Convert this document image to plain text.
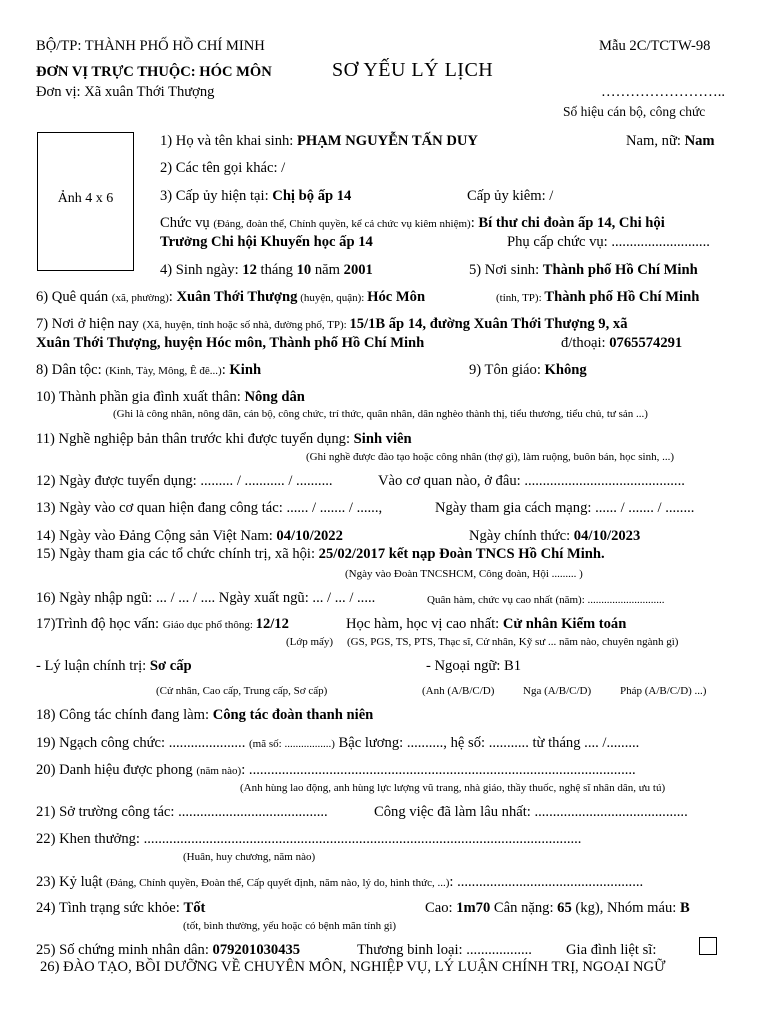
BỘ/TP: THÀNH PHỐ HỒ CHÍ MINH
ĐƠN VỊ TRỰC THUỘC: HÓC MÔN
Đơn vị: Xã xuân Thới Thượng
Mẫu 2C/TCTW-98
SƠ YẾU LÝ LỊCH
……………………..
Số hiệu cán bộ, công chức
Ảnh 4 x 6
1) Họ và tên khai sinh: PHẠM NGUYỄN TẤN DUY	Nam, nữ: Nam
2) Các tên gọi khác: /
3) Cấp ủy hiện tại: Chị bộ ấp 14	Cấp ủy kiêm: /
Chức vụ (Đảng, đoàn thể, Chính quyền, kể cả chức vụ kiêm nhiệm): Bí thư chi đoàn ấp 14, Chi hội
Trưởng Chi hội Khuyến học ấp 14	Phụ cấp chức vụ: ...........................
4) Sinh ngày: 12 tháng 10 năm 2001	5) Nơi sinh: Thành phố Hồ Chí Minh
6) Quê quán (xã, phường): Xuân Thới Thượng (huyện, quận): Hóc Môn	(tỉnh, TP): Thành phố Hồ Chí Minh
7) Nơi ở hiện nay (Xã, huyện, tỉnh hoặc số nhà, đường phố, TP): 15/1B ấp 14, đường Xuân Thới Thượng 9, xã
Xuân Thới Thượng, huyện Hóc môn, Thành phố Hồ Chí Minh	đ/thoại: 0765574291
8) Dân tộc: (Kinh, Tày, Mông, Ê đê...): Kinh	9) Tôn giáo: Không
10) Thành phần gia đình xuất thân: Nông dân
(Ghi là công nhân, nông dân, cán bộ, công chức, trí thức, quân nhân, dân nghèo thành thị, tiểu thương, tiểu chủ, tư sản ...)
11) Nghề nghiệp bản thân trước khi được tuyển dụng: Sinh viên
(Ghi nghề được đào tạo hoặc công nhân (thợ gì), làm ruộng, buôn bán, học sinh, ...)
12) Ngày được tuyển dụng: ......... / ........... / ..........	Vào cơ quan nào, ở đâu: ............................................
13) Ngày vào cơ quan hiện đang công tác: ...... / ....... / ......,	Ngày tham gia cách mạng: ...... / ....... / ........
14) Ngày vào Đảng Cộng sản Việt Nam: 04/10/2022	Ngày chính thức: 04/10/2023
15) Ngày tham gia các tổ chức chính trị, xã hội: 25/02/2017 kết nạp Đoàn TNCS Hồ Chí Minh.
(Ngày vào Đoàn TNCSHCM, Công đoàn, Hội ......... )
16) Ngày nhập ngũ: ... / ... / .... Ngày xuất ngũ: ... / ... / .....	Quân hàm, chức vụ cao nhất (năm): ............................
17)Trình độ học vấn: Giáo dục phổ thông: 12/12	Học hàm, học vị cao nhất: Cử nhân Kiểm toán
(Lớp mấy) (GS, PGS, TS, PTS, Thạc sĩ, Cử nhân, Kỹ sư ... năm nào, chuyên ngành gì)
- Lý luận chính trị: Sơ cấp	- Ngoại ngữ: B1
(Cử nhân, Cao cấp, Trung cấp, Sơ cấp)	(Anh (A/B/C/D)	Nga (A/B/C/D)	Pháp (A/B/C/D) ...)
18) Công tác chính đang làm: Công tác đoàn thanh niên
19) Ngạch công chức: ..................... (mã số: .................) Bậc lương: .........., hệ số: ........... từ tháng .... /.........
20) Danh hiệu được phong (năm nào): ..........................................................................................................
(Anh hùng lao động, anh hùng lực lượng vũ trang, nhà giáo, thầy thuốc, nghệ sĩ nhân dân, ưu tú)
21) Sở trường công tác: .........................................	Công việc đã làm lâu nhất: ..........................................
22) Khen thưởng: ........................................................................................................................
(Huân, huy chương, năm nào)
23) Kỷ luật (Đảng, Chính quyền, Đoàn thể, Cấp quyết định, năm nào, lý do, hình thức, ...): ...................................................
24) Tình trạng sức khỏe: Tốt	Cao: 1m70 Cân nặng: 65 (kg), Nhóm máu: B
(tốt, bình thường, yếu hoặc có bệnh mãn tính gì)
25) Số chứng minh nhân dân: 079201030435	Thương binh loại: .................. Gia đình liệt sĩ:
26) ĐÀO TẠO, BỒI DƯỠNG VỀ CHUYÊN MÔN, NGHIỆP VỤ, LÝ LUẬN CHÍNH TRỊ, NGOẠI NGỮ
